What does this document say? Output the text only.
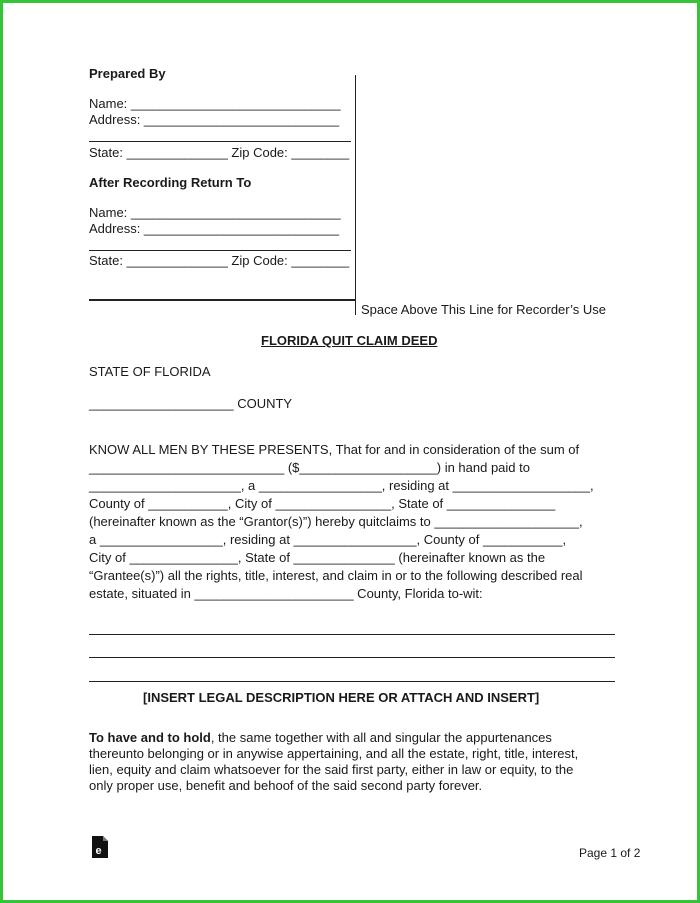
Prepared By
Name: _____________________________
Address: ___________________________
State: ______________ Zip Code: ________
After Recording Return To
Name: _____________________________
Address: ___________________________
State: ______________ Zip Code: ________
Space Above This Line for Recorder’s Use
FLORIDA QUIT CLAIM DEED
STATE OF FLORIDA
____________________ COUNTY
KNOW ALL MEN BY THESE PRESENTS, That for and in consideration of the sum of
___________________________ ($___________________) in hand paid to
_____________________, a _________________, residing at ___________________,
County of ___________, City of ________________, State of _______________
(hereinafter known as the “Grantor(s)”) hereby quitclaims to ____________________,
a _________________, residing at _________________, County of ___________,
City of _______________, State of ______________ (hereinafter known as the
“Grantee(s)”) all the rights, title, interest, and claim in or to the following described real
estate, situated in ______________________ County, Florida to-wit:
[INSERT LEGAL DESCRIPTION HERE OR ATTACH AND INSERT]
To have and to hold, the same together with all and singular the appurtenances
thereunto belonging or in anywise appertaining, and all the estate, right, title, interest,
lien, equity and claim whatsoever for the said first party, either in law or equity, to the
only proper use, benefit and behoof of the said second party forever.
e	Page 1 of 2
